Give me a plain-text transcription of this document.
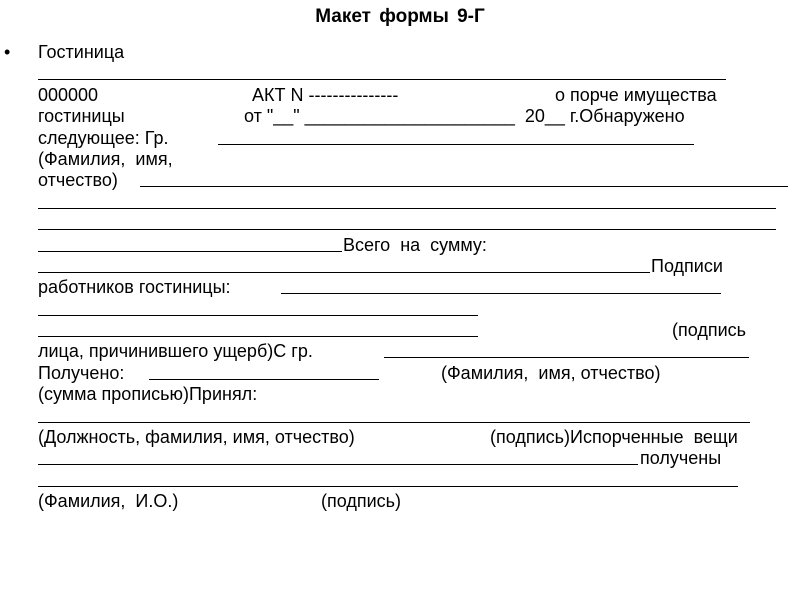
Макет формы 9-Г
•

Гостиница

000000

	АКТ N ---------------

	о порче имущества

гостиницы

	от "__" _____________________  20__ г.Обнаружено

следующее: Гр.

(Фамилия,  имя,

отчество)

Всего  на  сумму:

Подписи

работников гостиницы:

(подпись

лица, причинившего ущерб)С гр.

Получено:

	(Фамилия,  имя, отчество)

(сумма прописью)Принял:

(Должность, фамилия, имя, отчество)

	(подпись)Испорченные  вещи

получены

(Фамилия,  И.О.)

	(подпись)
